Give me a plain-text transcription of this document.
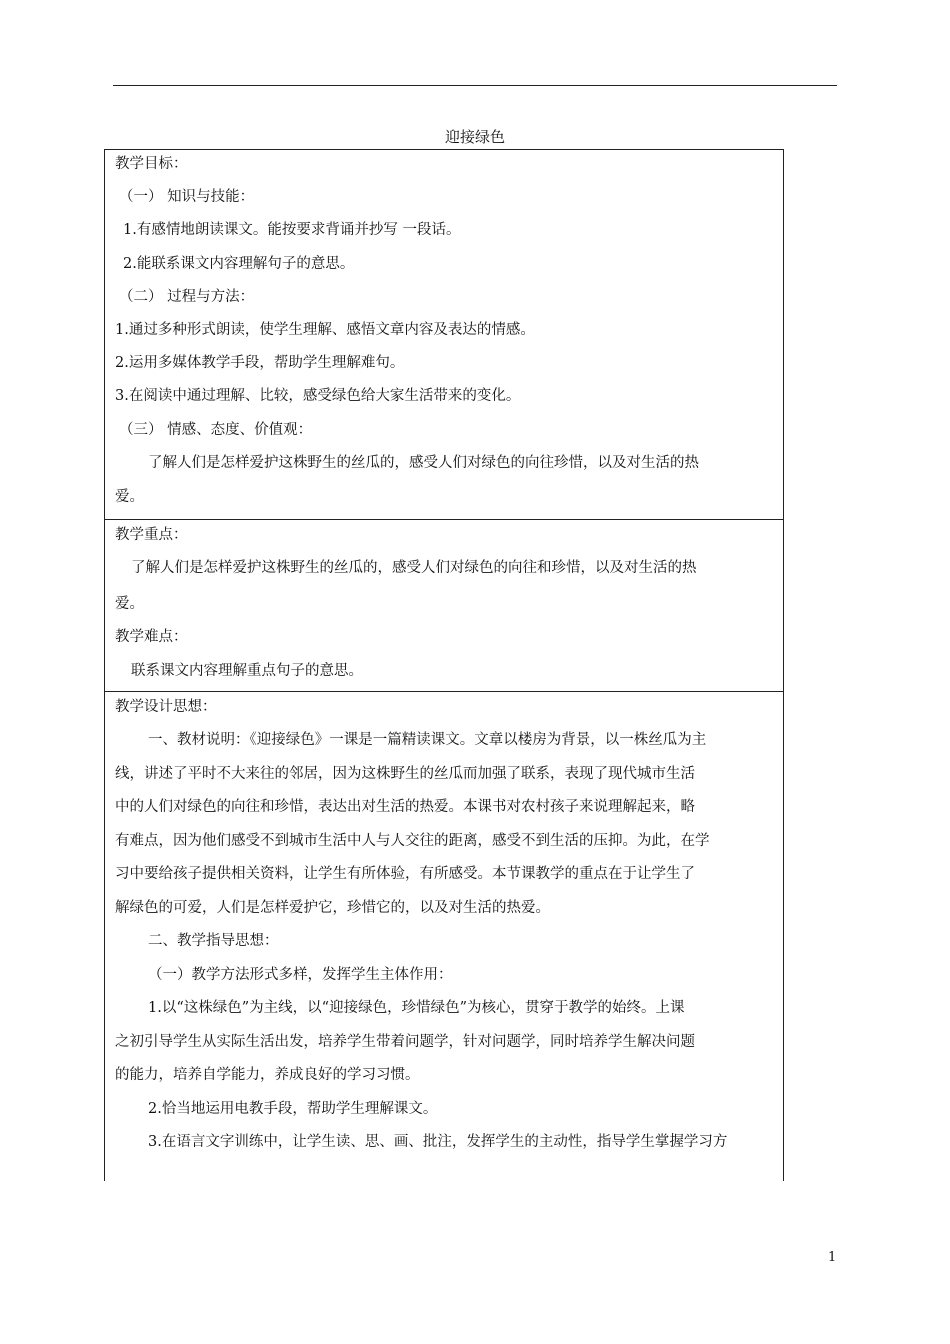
迎接绿色
教学目标：
（一） 知识与技能：
1.有感情地朗读课文。能按要求背诵并抄写 一段话。
2.能联系课文内容理解句子的意思。
（二） 过程与方法：
1.通过多种形式朗读，使学生理解、感悟文章内容及表达的情感。
2.运用多媒体教学手段，帮助学生理解难句。
3.在阅读中通过理解、比较，感受绿色给大家生活带来的变化。
（三） 情感、态度、价值观：
了解人们是怎样爱护这株野生的丝瓜的，感受人们对绿色的向往珍惜，以及对生活的热
爱。
教学重点：
了解人们是怎样爱护这株野生的丝瓜的，感受人们对绿色的向往和珍惜，以及对生活的热
爱。
教学难点：
联系课文内容理解重点句子的意思。
教学设计思想：
一、教材说明：《迎接绿色》一课是一篇精读课文。文章以楼房为背景，以一株丝瓜为主
线，讲述了平时不大来往的邻居，因为这株野生的丝瓜而加强了联系，表现了现代城市生活
中的人们对绿色的向往和珍惜，表达出对生活的热爱。本课书对农村孩子来说理解起来，略
有难点，因为他们感受不到城市生活中人与人交往的距离，感受不到生活的压抑。为此，在学
习中要给孩子提供相关资料，让学生有所体验，有所感受。本节课教学的重点在于让学生了
解绿色的可爱，人们是怎样爱护它，珍惜它的，以及对生活的热爱。
二、教学指导思想：
（一）教学方法形式多样，发挥学生主体作用：
1.以“这株绿色”为主线，以“迎接绿色，珍惜绿色”为核心，贯穿于教学的始终。上课
之初引导学生从实际生活出发，培养学生带着问题学，针对问题学，同时培养学生解决问题
的能力，培养自学能力，养成良好的学习习惯。
2.恰当地运用电教手段，帮助学生理解课文。
3.在语言文字训练中，让学生读、思、画、批注，发挥学生的主动性，指导学生掌握学习方
1
